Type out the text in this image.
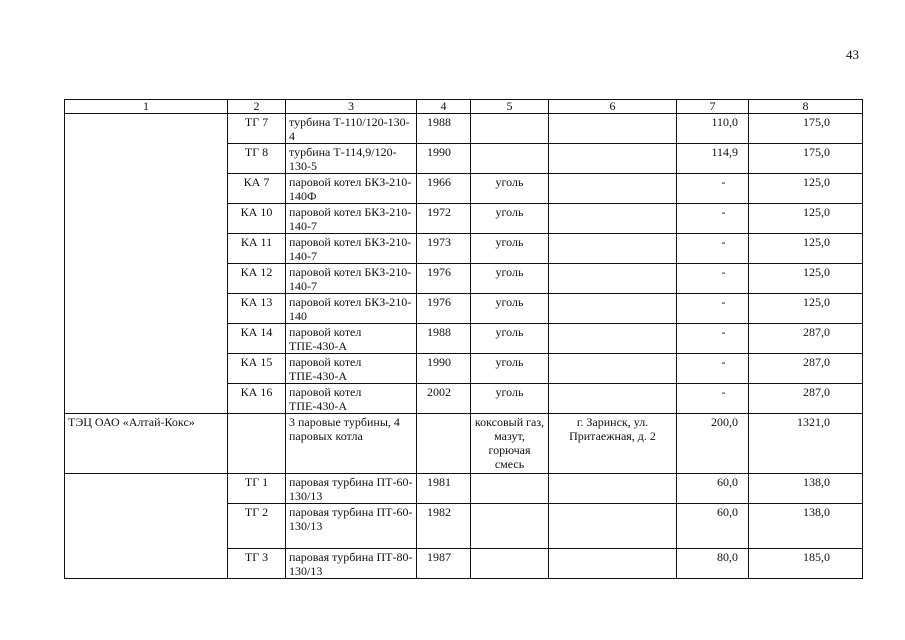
43
1	2	3	4	5	6	7	8
	ТГ 7	турбина Т-110/120-130-4	1988			110,0	175,0
	ТГ 8	турбина Т-114,9/120-130-5	1990			114,9	175,0
	КА 7	паровой котел БКЗ-210-140Ф	1966	уголь		-	125,0
	КА 10	паровой котел БКЗ-210-140-7	1972	уголь		-	125,0
	КА 11	паровой котел БКЗ-210-140-7	1973	уголь		-	125,0
	КА 12	паровой котел БКЗ-210-140-7	1976	уголь		-	125,0
	КА 13	паровой котел БКЗ-210-140	1976	уголь		-	125,0
	КА 14	паровой котел ТПЕ-430-А	1988	уголь		-	287,0
	КА 15	паровой котел ТПЕ-430-А	1990	уголь		-	287,0
	КА 16	паровой котел ТПЕ-430-А	2002	уголь		-	287,0
ТЭЦ ОАО «Алтай-Кокс»		3 паровые турбины, 4 паровых котла		коксовый газ, мазут, горючая смесь	г. Заринск, ул. Притаежная, д. 2	200,0	1321,0
	ТГ 1	паровая турбина ПТ-60-130/13	1981			60,0	138,0
	ТГ 2	паровая турбина ПТ-60-130/13	1982			60,0	138,0
	ТГ 3	паровая турбина ПТ-80-130/13	1987			80,0	185,0
